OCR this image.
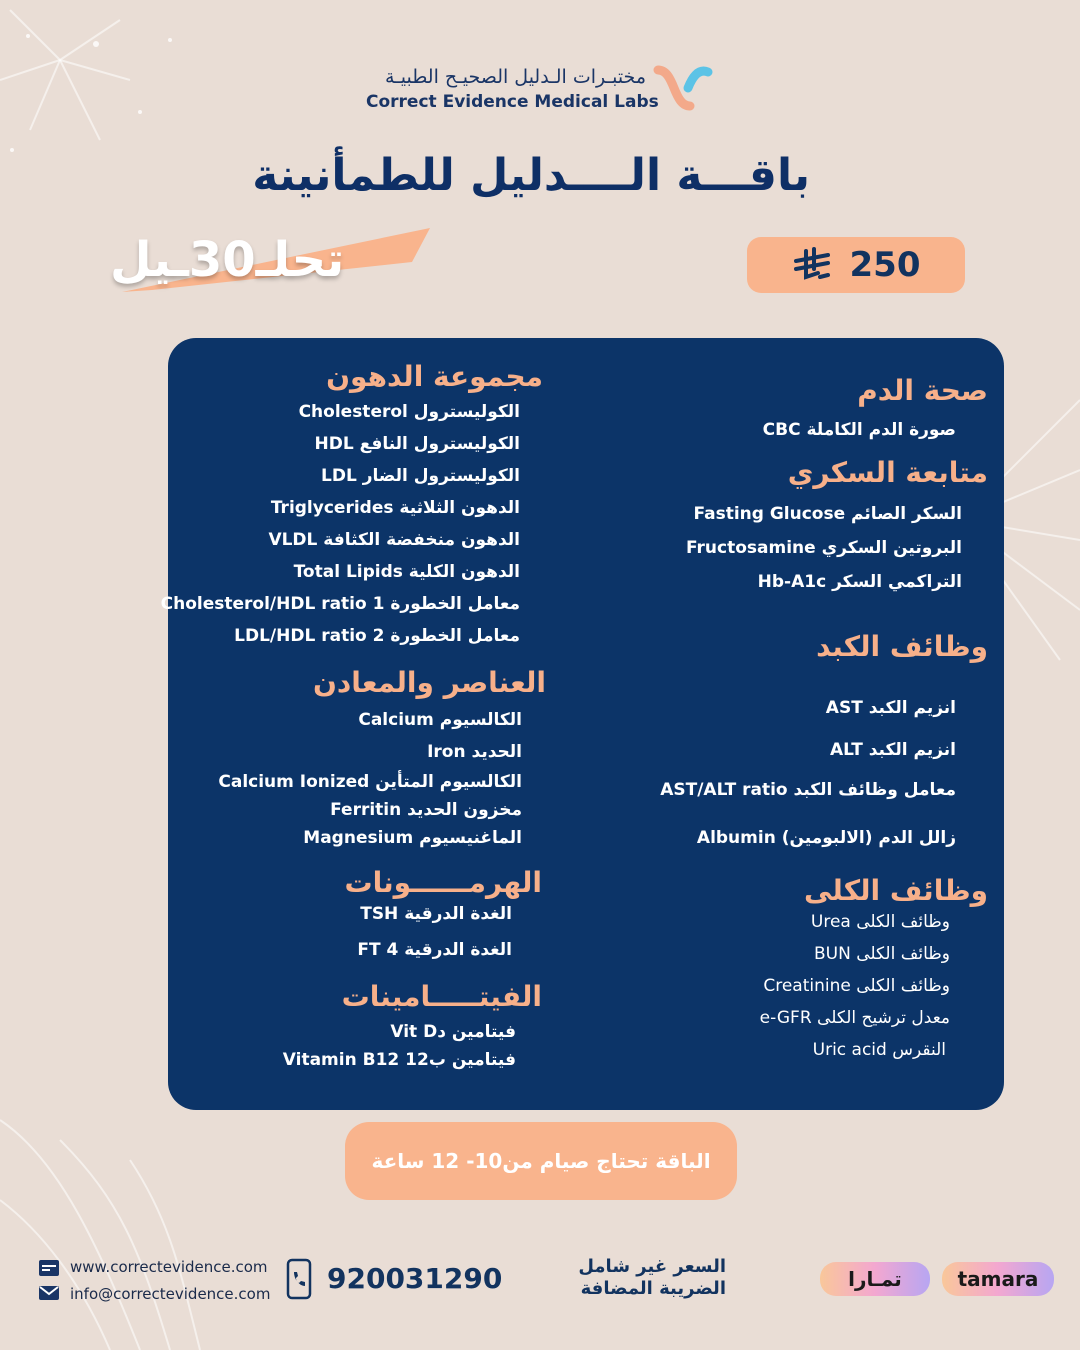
مختبـرات الـدليل الصحيـح الطبيـة
Correct Evidence Medical Labs
باقـــة الــــدليل للطمأنينة
تحلـ30ـيل	250
مجموعة الدهون
الكوليسترول Cholesterol
الكوليسترول النافع HDL
الكوليسترول الضار LDL
الدهون الثلاثية Triglycerides
الدهون منخفضة الكثافة VLDL
الدهون الكلية Total Lipids
معامل الخطورة Cholesterol/HDL ratio 1
معامل الخطورة LDL/HDL ratio 2
العناصر والمعادن
الكالسيوم Calcium
الحديد Iron
الكالسيوم المتأين Calcium Ionized
مخزون الحديد Ferritin
الماغنيسيوم Magnesium
الهرمــــــونات
الغدة الدرقية TSH
الغدة الدرقية FT 4
الفيتـــــامينات
فيتامين دVit D
فيتامين ب12 Vitamin B12
صحة الدم
صورة الدم الكاملة CBC
متابعة السكري
السكر الصائم Fasting Glucose
البروتين السكري Fructosamine
التراكمي السكر Hb-A1c
وظائف الكبد
انزيم الكبد AST
انزيم الكبد ALT
معامل وظائف الكبد AST/ALT ratio
زالل الدم (الالبومين) Albumin
وظائف الكلى
وظائف الكلى Urea
وظائف الكلى BUN
وظائف الكلى Creatinine
معدل ترشيح الكلى e-GFR
النقرس Uric acid
الباقة تحتاج صيام من10- 12 ساعة
www.correctevidence.com
info@correctevidence.com 920031290	السعر غير شامل
الضريبة المضافة	تمـارا	tamara
